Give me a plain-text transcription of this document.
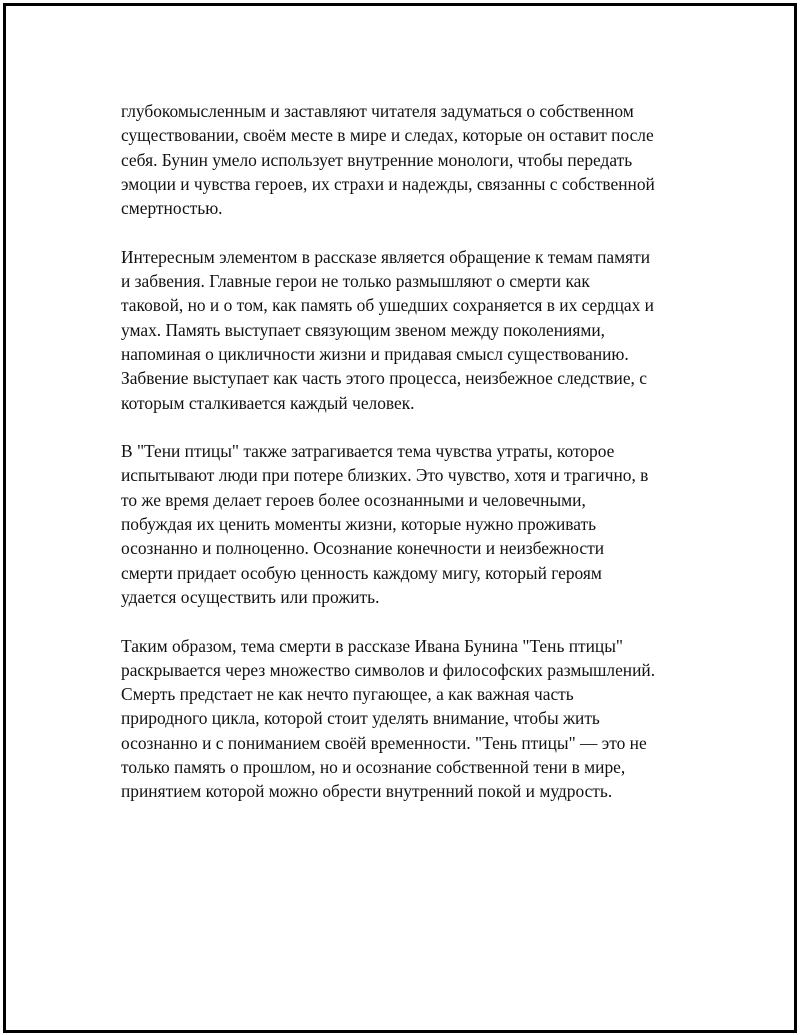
глубокомысленным и заставляют читателя задуматься о собственном
существовании, своём месте в мире и следах, которые он оставит после
себя. Бунин умело использует внутренние монологи, чтобы передать
эмоции и чувства героев, их страхи и надежды, связанны с собственной
смертностью.

Интересным элементом в рассказе является обращение к темам памяти
и забвения. Главные герои не только размышляют о смерти как
таковой, но и о том, как память об ушедших сохраняется в их сердцах и
умах. Память выступает связующим звеном между поколениями,
напоминая о цикличности жизни и придавая смысл существованию.
Забвение выступает как часть этого процесса, неизбежное следствие, с
которым сталкивается каждый человек.

В "Тени птицы" также затрагивается тема чувства утраты, которое
испытывают люди при потере близких. Это чувство, хотя и трагично, в
то же время делает героев более осознанными и человечными,
побуждая их ценить моменты жизни, которые нужно проживать
осознанно и полноценно. Осознание конечности и неизбежности
смерти придает особую ценность каждому мигу, который героям
удается осуществить или прожить.

Таким образом, тема смерти в рассказе Ивана Бунина "Тень птицы"
раскрывается через множество символов и философских размышлений.
Смерть предстает не как нечто пугающее, а как важная часть
природного цикла, которой стоит уделять внимание, чтобы жить
осознанно и с пониманием своёй временности. "Тень птицы" — это не
только память о прошлом, но и осознание собственной тени в мире,
принятием которой можно обрести внутренний покой и мудрость.
